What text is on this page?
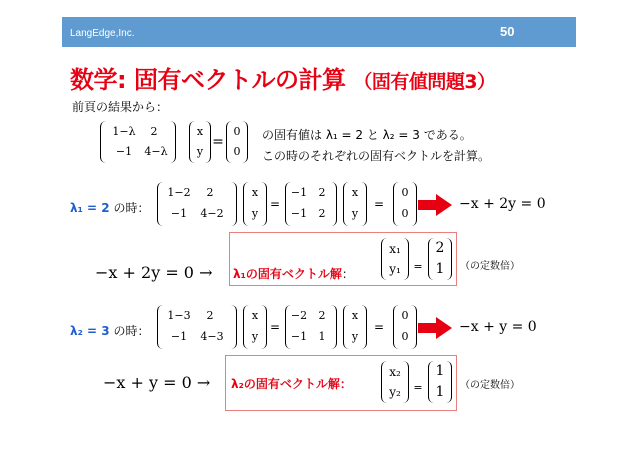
LangEdge,Inc.	50
数学: 固有ベクトルの計算 （固有値問題3）
前頁の結果から：
1−λ	2
−1	4−λ
x
y
=
0
0
の固有値は λ₁ = 2 と λ₂ = 3 である。
この時のそれぞれの固有ベクトルを計算。
λ₁ = 2 の時：
1−2	2
−1	4−2
x
y
=
−1	2
−1	2
x
y
=
0
0
−x + 2y = 0
−x + 2y = 0 → λ₁の固有ベクトル解：
x₁
y₁	=
2
1	（の定数倍）
λ₂ = 3 の時：
1−3	2
−1	4−3
x
y
=
−2	2
−1	1
x
y
=
0
0
−x + y = 0
−x + y = 0 → λ₂の固有ベクトル解：
x₂
y₂	=
1
1	（の定数倍）
